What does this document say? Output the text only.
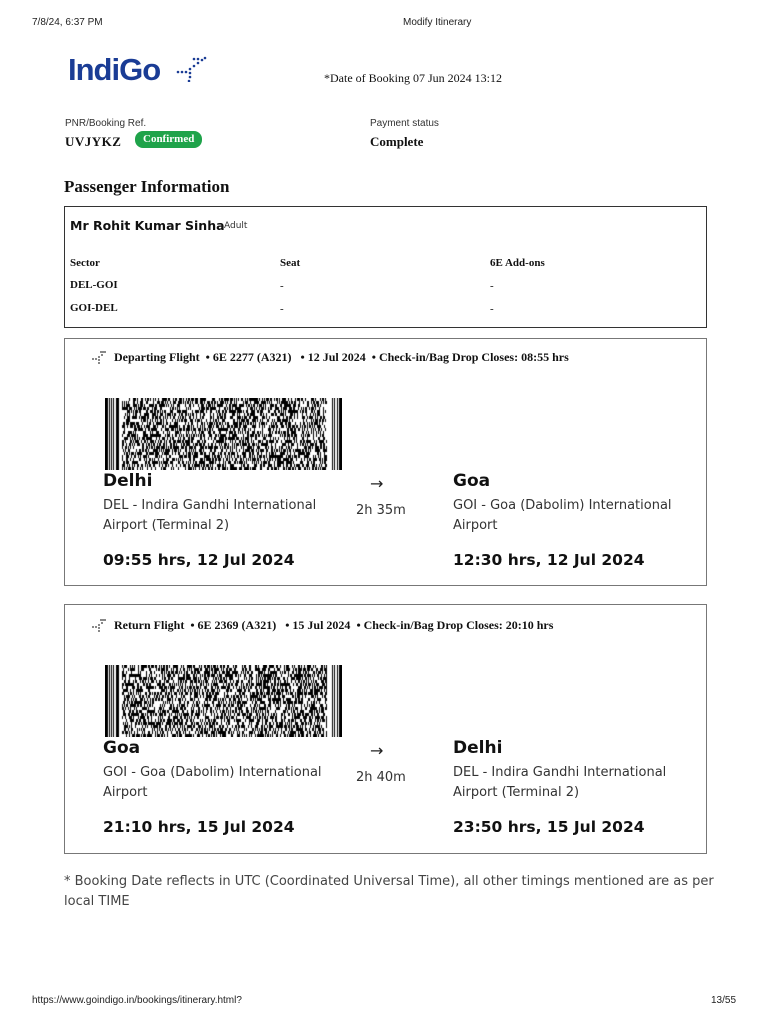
7/8/24, 6:37 PM	Modify Itinerary
IndiGo	*Date of Booking 07 Jun 2024 13:12
PNR/Booking Ref.
UVJYKZ	Confirmed
Payment status
Complete
Passenger Information
Mr Rohit Kumar Sinha Adult
Sector	Seat	6E Add-ons
DEL-GOI	-	-
GOI-DEL	-	-
Departing Flight • 6E 2277 (A321) • 12 Jul 2024 • Check-in/Bag Drop Closes: 08:55 hrs
Delhi
DEL - Indira Gandhi International Airport (Terminal 2)
→
2h 35m
Goa
GOI - Goa (Dabolim) International Airport
09:55 hrs, 12 Jul 2024	12:30 hrs, 12 Jul 2024
Return Flight • 6E 2369 (A321) • 15 Jul 2024 • Check-in/Bag Drop Closes: 20:10 hrs
Goa
GOI - Goa (Dabolim) International Airport
→
2h 40m
Delhi
DEL - Indira Gandhi International Airport (Terminal 2)
21:10 hrs, 15 Jul 2024	23:50 hrs, 15 Jul 2024
* Booking Date reflects in UTC (Coordinated Universal Time), all other timings mentioned are as per local TIME
https://www.goindigo.in/bookings/itinerary.html?	13/55
